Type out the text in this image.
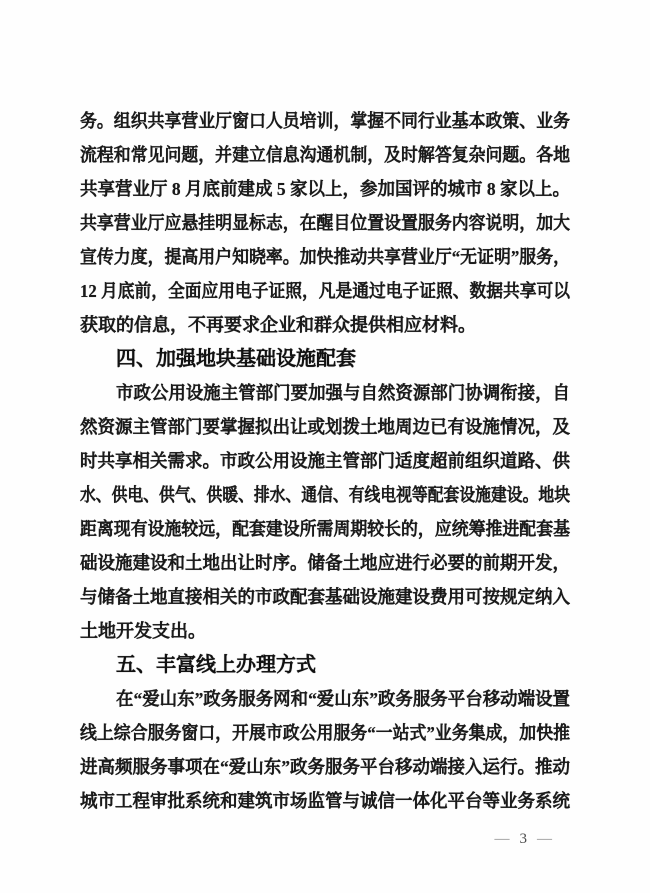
务。组织共享营业厅窗口人员培训，掌握不同行业基本政策、业务
流程和常见问题，并建立信息沟通机制，及时解答复杂问题。各地
共享营业厅 8 月底前建成 5 家以上，参加国评的城市 8 家以上。
共享营业厅应悬挂明显标志，在醒目位置设置服务内容说明，加大
宣传力度，提高用户知晓率。加快推动共享营业厅“无证明”服务，
12 月底前，全面应用电子证照，凡是通过电子证照、数据共享可以
获取的信息，不再要求企业和群众提供相应材料。
四、加强地块基础设施配套
市政公用设施主管部门要加强与自然资源部门协调衔接，自
然资源主管部门要掌握拟出让或划拨土地周边已有设施情况，及
时共享相关需求。市政公用设施主管部门适度超前组织道路、供
水、供电、供气、供暖、排水、通信、有线电视等配套设施建设。地块
距离现有设施较远，配套建设所需周期较长的，应统筹推进配套基
础设施建设和土地出让时序。储备土地应进行必要的前期开发，
与储备土地直接相关的市政配套基础设施建设费用可按规定纳入
土地开发支出。
五、丰富线上办理方式
在“爱山东”政务服务网和“爱山东”政务服务平台移动端设置
线上综合服务窗口，开展市政公用服务“一站式”业务集成，加快推
进高频服务事项在“爱山东”政务服务平台移动端接入运行。推动
城市工程审批系统和建筑市场监管与诚信一体化平台等业务系统
— 3 —
